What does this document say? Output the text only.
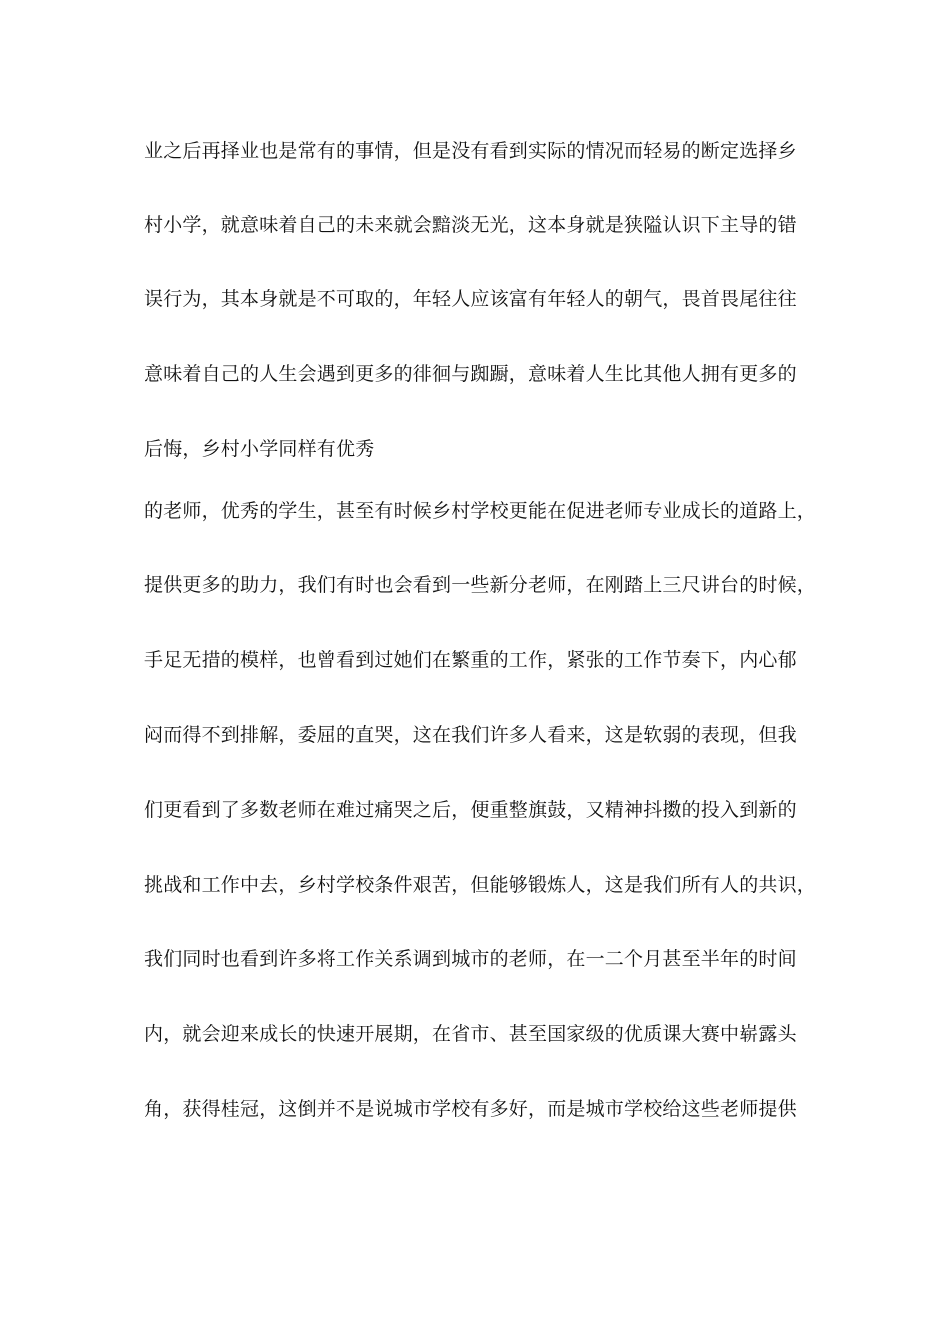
业之后再择业也是常有的事情，但是没有看到实际的情况而轻易的断定选择乡
村小学，就意味着自己的未来就会黯淡无光，这本身就是狭隘认识下主导的错
误行为，其本身就是不可取的，年轻人应该富有年轻人的朝气，畏首畏尾往往
意味着自己的人生会遇到更多的徘徊与踟蹰，意味着人生比其他人拥有更多的
后悔，乡村小学同样有优秀
的老师，优秀的学生，甚至有时候乡村学校更能在促进老师专业成长的道路上，
提供更多的助力，我们有时也会看到一些新分老师，在刚踏上三尺讲台的时候，
手足无措的模样，也曾看到过她们在繁重的工作，紧张的工作节奏下，内心郁
闷而得不到排解，委屈的直哭，这在我们许多人看来，这是软弱的表现，但我
们更看到了多数老师在难过痛哭之后，便重整旗鼓，又精神抖擞的投入到新的
挑战和工作中去，乡村学校条件艰苦，但能够锻炼人，这是我们所有人的共识，
我们同时也看到许多将工作关系调到城市的老师，在一二个月甚至半年的时间
内，就会迎来成长的快速开展期，在省市、甚至国家级的优质课大赛中崭露头
角，获得桂冠，这倒并不是说城市学校有多好，而是城市学校给这些老师提供
